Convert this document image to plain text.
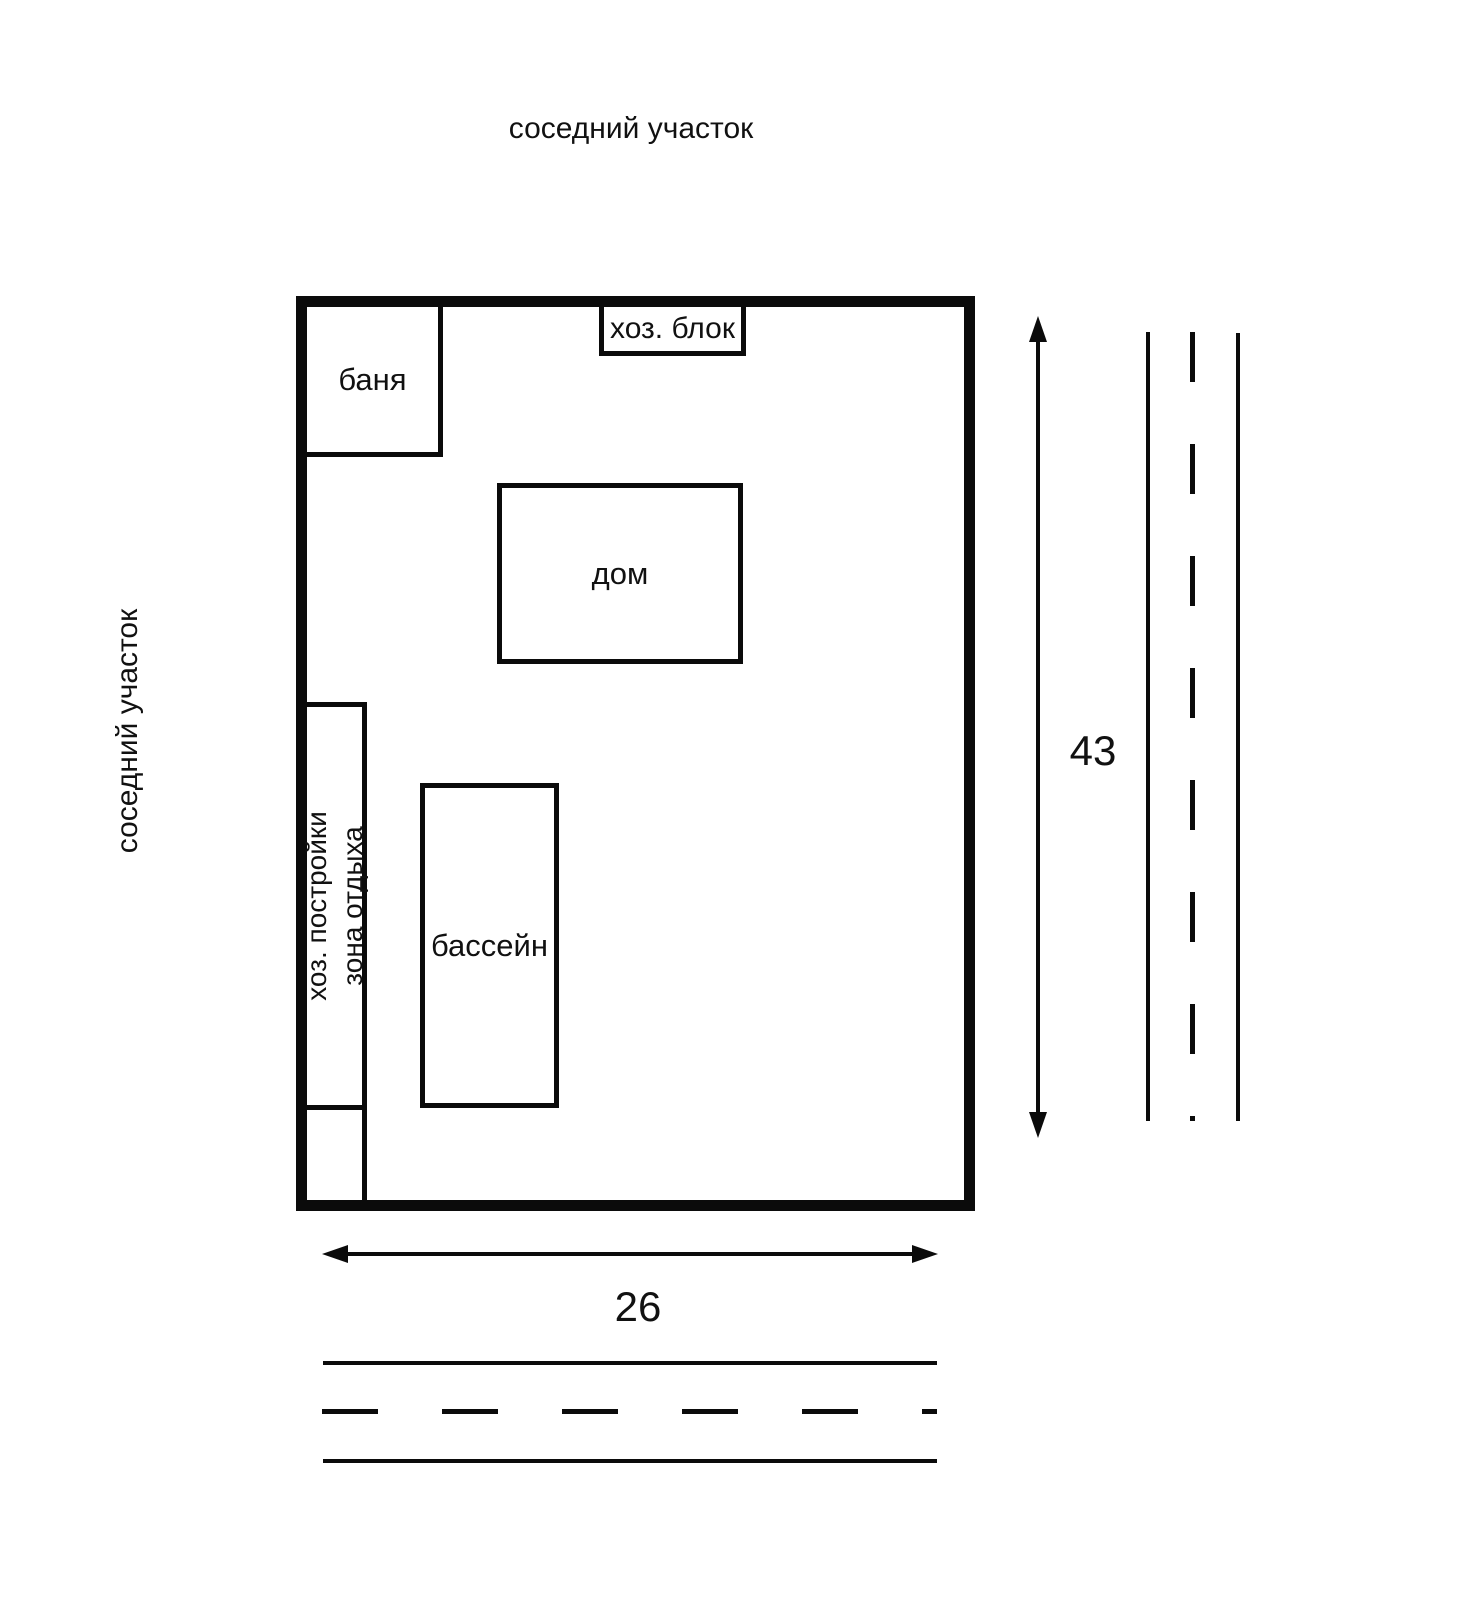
соседний участок
соседний участок
баня
хоз. блок
дом
хоз. постройки зона отдыха бассейн
43
26
